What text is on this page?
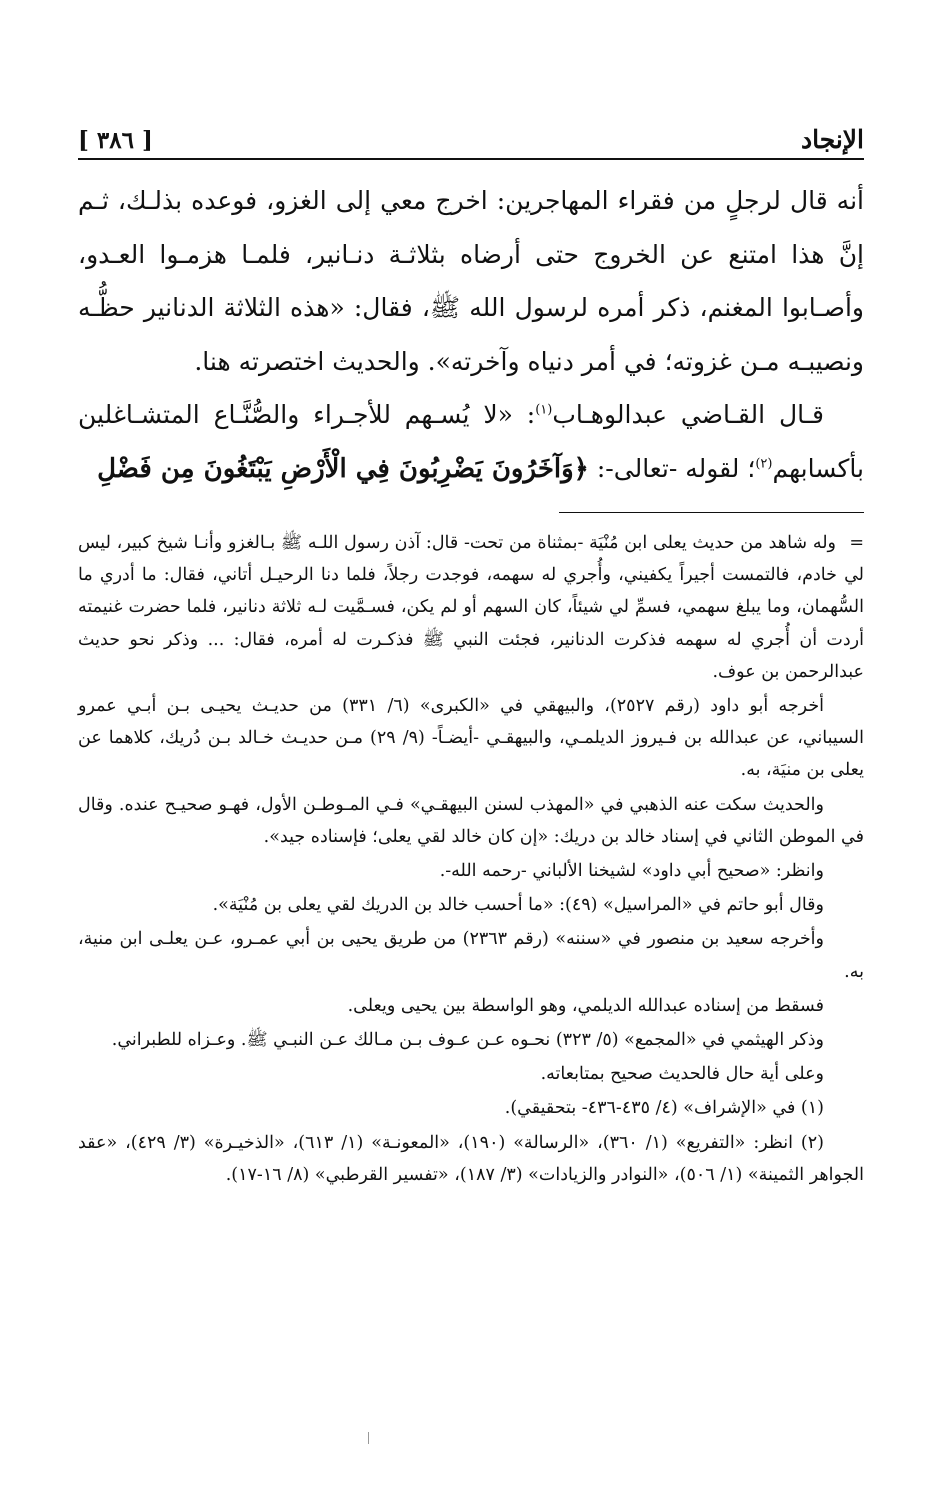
الإنجاد
[ ٣٨٦ ]

أنه قال لرجلٍ من فقراء المهاجرين: اخرج معي إلى الغزو، فوعده بذلـك، ثـم إنَّ هذا امتنع عن الخروج حتى أرضاه بثلاثـة دنـانير، فلمـا هزمـوا العـدو، وأصـابوا المغنم، ذكر أمره لرسول الله ﷺ، فقال: «هذه الثلاثة الدنانير حظُّـه ونصيبـه مـن غزوته؛ في أمر دنياه وآخرته». والحديث اختصرته هنا.

قـال القـاضي عبدالوهـاب$^{(١)}$: «لا يُسـهم للأجـراء والصُّنَّـاع المتشـاغلين بأكسابهم$^{(٢)}$؛ لقوله -تعالى-: ﴿وَآخَرُونَ يَضْرِبُونَ فِي الْأَرْضِ يَبْتَغُونَ مِن فَضْلِ

=وله شاهد من حديث يعلى ابن مُنْيَة -بمثناة من تحت- قال: آذن رسول اللـه ﷺ بـالغزو وأنـا شيخ كبير، ليس لي خادم، فالتمست أجيراً يكفيني، وأُجري له سهمه، فوجدت رجلاً، فلما دنا الرحيـل أتاني، فقال: ما أدري ما السُّهمان، وما يبلغ سهمي، فسمِّ لي شيئاً، كان السهم أو لم يكن، فسـمَّيت لـه ثلاثة دنانير، فلما حضرت غنيمته أردت أن أُجري له سهمه فذكرت الدنانير، فجئت النبي ﷺ فذكـرت له أمره، فقال: ... وذكر نحو حديث عبدالرحمن بن عوف.

أخرجه أبو داود (رقم ٢٥٢٧)، والبيهقي في «الكبرى» (٦/ ٣٣١) من حديـث يحيـى بـن أبـي عمرو السيباني، عن عبدالله بن فـيروز الديلمـي، والبيهقـي -أيضـاً- (٩/ ٢٩) مـن حديـث خـالد بـن دُريك، كلاهما عن يعلى بن منيَة، به.

والحديث سكت عنه الذهبي في «المهذب لسنن البيهقـي» فـي المـوطـن الأول، فهـو صحيـح عنده. وقال في الموطن الثاني في إسناد خالد بن دريك: «إن كان خالد لقي يعلى؛ فإسناده جيد».

وانظر: «صحيح أبي داود» لشيخنا الألباني -رحمه الله-.

وقال أبو حاتم في «المراسيل» (٤٩): «ما أحسب خالد بن الدريك لقي يعلى بن مُنْيَة».

وأخرجه سعيد بن منصور في «سننه» (رقم ٢٣٦٣) من طريق يحيى بن أبي عمـرو، عـن يعلـى ابن منية، به.

فسقط من إسناده عبدالله الديلمي، وهو الواسطة بين يحيى ويعلى.

وذكر الهيثمي في «المجمع» (٥/ ٣٢٣) نحـوه عـن عـوف بـن مـالك عـن النبـي ﷺ. وعـزاه للطبراني.

وعلى أية حال فالحديث صحيح بمتابعاته.

(١) في «الإشراف» (٤/ ٤٣٥-٤٣٦- بتحقيقي).

(٢) انظر: «التفريع» (١/ ٣٦٠)، «الرسالة» (١٩٠)، «المعونـة» (١/ ٦١٣)، «الذخيـرة» (٣/ ٤٢٩)، «عقد الجواهر الثمينة» (١/ ٥٠٦)، «النوادر والزيادات» (٣/ ١٨٧)، «تفسير القرطبي» (٨/ ١٦-١٧).
